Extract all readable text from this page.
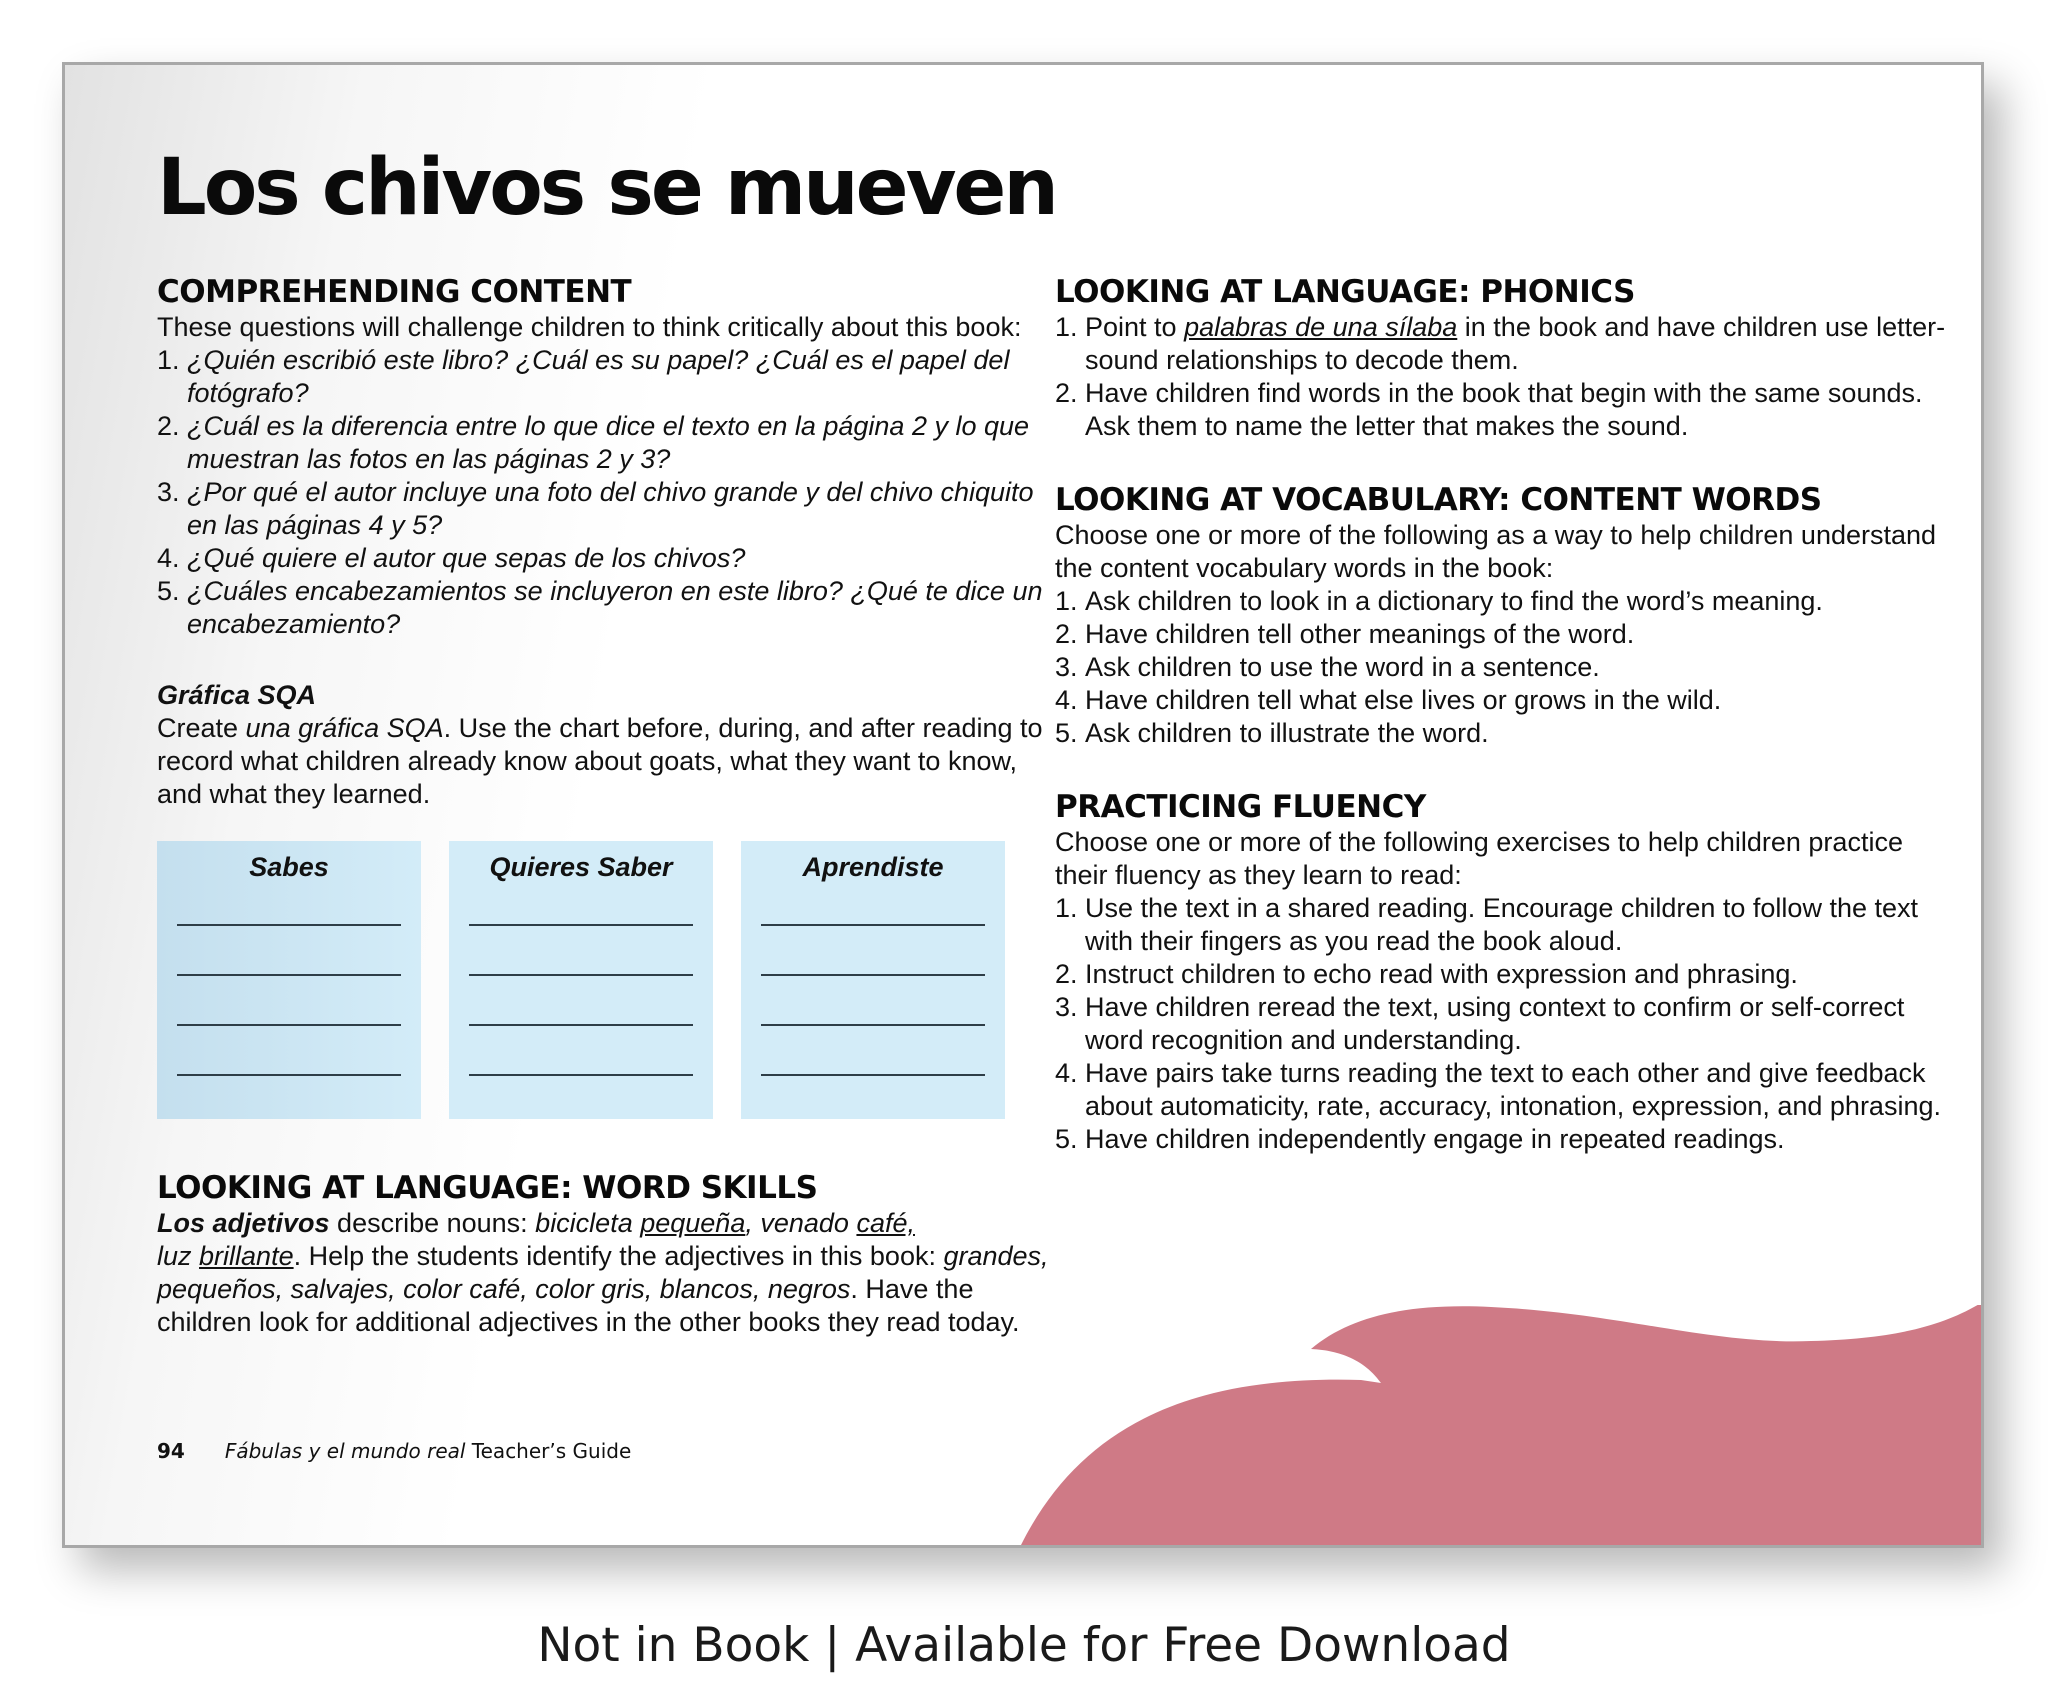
Los chivos se mueven
COMPREHENDING CONTENT

These questions will challenge children to think critically about this book:

1. ¿Quién escribió este libro? ¿Cuál es su papel? ¿Cuál es el papel del fotógrafo?
2. ¿Cuál es la diferencia entre lo que dice el texto en la página 2 y lo que muestran las fotos en las páginas 2 y 3?
3. ¿Por qué el autor incluye una foto del chivo grande y del chivo chiquito en las páginas 4 y 5?
4. ¿Qué quiere el autor que sepas de los chivos?
5. ¿Cuáles encabezamientos se incluyeron en este libro? ¿Qué te dice un encabezamiento?
Gráfica SQA

Create una gráfica SQA. Use the chart before, during, and after reading to record what children already know about goats, what they want to know, and what they learned.

Sabes	Quieres Saber	Aprendiste
LOOKING AT LANGUAGE: WORD SKILLS

Los adjetivos describe nouns: bicicleta pequeña, venado café,
luz brillante. Help the students identify the adjectives in this book: grandes, pequeños, salvajes, color café, color gris, blancos, negros. Have the children look for additional adjectives in the other books they read today.

LOOKING AT LANGUAGE: PHONICS
1. Point to palabras de una sílaba in the book and have children use letter-sound relationships to decode them.
2. Have children find words in the book that begin with the same sounds. Ask them to name the letter that makes the sound.
LOOKING AT VOCABULARY: CONTENT WORDS

Choose one or more of the following as a way to help children understand the content vocabulary words in the book:

1. Ask children to look in a dictionary to find the word’s meaning.
2. Have children tell other meanings of the word.
3. Ask children to use the word in a sentence.
4. Have children tell what else lives or grows in the wild.
5. Ask children to illustrate the word.
PRACTICING FLUENCY

Choose one or more of the following exercises to help children practice their fluency as they learn to read:

1. Use the text in a shared reading. Encourage children to follow the text with their fingers as you read the book aloud.
2. Instruct children to echo read with expression and phrasing.
3. Have children reread the text, using context to confirm or self-correct word recognition and understanding.
4. Have pairs take turns reading the text to each other and give feedback about automaticity, rate, accuracy, intonation, expression, and phrasing.
5. Have children independently engage in repeated readings.
94 Fábulas y el mundo real Teacher’s Guide
Not in Book | Available for Free Download
